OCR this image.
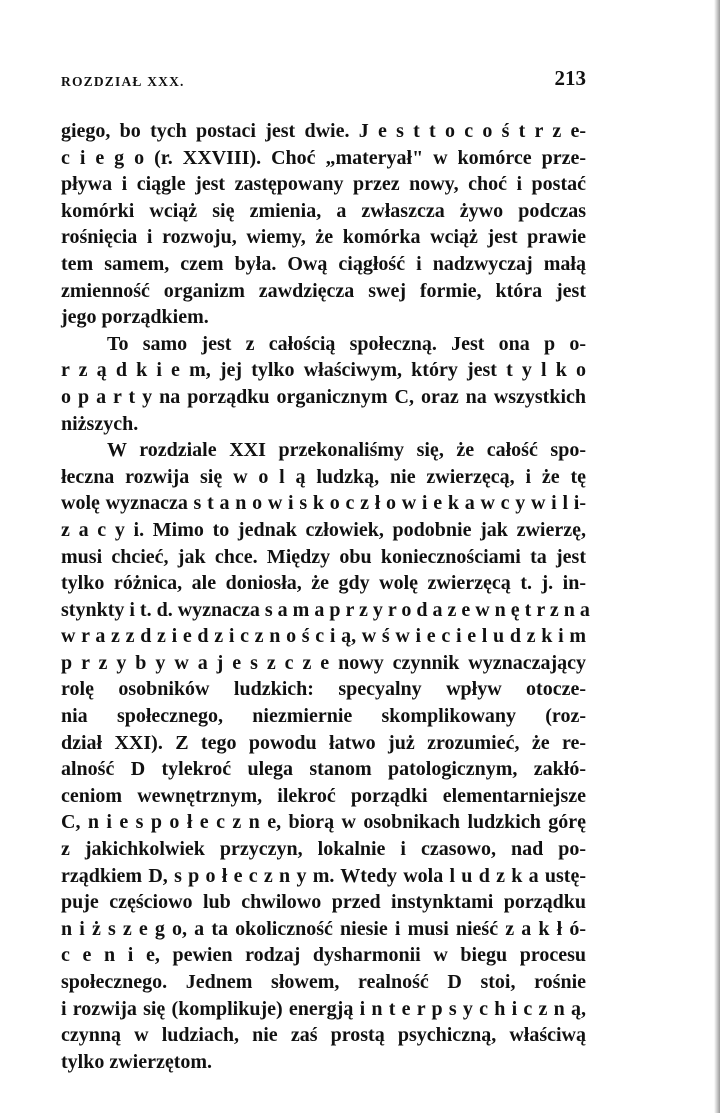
ROZDZIAŁ XXX.	213
giego, bo tych postaci jest dwie. J e s t t o c o ś t r z e-
c i e g o (r. XXVIII). Choć „materyał" w komórce prze-
pływa i ciągle jest zastępowany przez nowy, choć i postać
komórki wciąż się zmienia, a zwłaszcza żywo podczas
rośnięcia i rozwoju, wiemy, że komórka wciąż jest prawie
tem samem, czem była. Ową ciągłość i nadzwyczaj małą
zmienność organizm zawdzięcza swej formie, która jest
jego porządkiem.
To samo jest z całością społeczną. Jest ona p o-
r z ą d k i e m, jej tylko właściwym, który jest t y l k o
o p a r t y na porządku organicznym C, oraz na wszystkich
niższych.
W rozdziale XXI przekonaliśmy się, że całość spo-
łeczna rozwija się w o l ą ludzką, nie zwierzęcą, i że tę
wolę wyznacza s t a n o w i s k o c z ł o w i e k a w c y w i l i-
z a c y i. Mimo to jednak człowiek, podobnie jak zwierzę,
musi chcieć, jak chce. Między obu koniecznościami ta jest
tylko różnica, ale doniosła, że gdy wolę zwierzęcą t. j. in-
stynkty i t. d. wyznacza s a m a p r z y r o d a z e w n ę t r z n a
w r a z z d z i e d z i c z n o ś c i ą, w ś w i e c i e l u d z k i m
p r z y b y w a j e s z c z e nowy czynnik wyznaczający
rolę osobników ludzkich: specyalny wpływ otocze-
nia społecznego, niezmiernie skomplikowany (roz-
dział XXI). Z tego powodu łatwo już zrozumieć, że re-
alność D tylekroć ulega stanom patologicznym, zakłó-
ceniom wewnętrznym, ilekroć porządki elementarniejsze
C, n i e s p o ł e c z n e, biorą w osobnikach ludzkich górę
z jakichkolwiek przyczyn, lokalnie i czasowo, nad po-
rządkiem D, s p o ł e c z n y m. Wtedy wola l u d z k a ustę-
puje częściowo lub chwilowo przed instynktami porządku
n i ż s z e g o, a ta okoliczność niesie i musi nieść z a k ł ó-
c e n i e, pewien rodzaj dysharmonii w biegu procesu
społecznego. Jednem słowem, realność D stoi, rośnie
i rozwija się (komplikuje) energją i n t e r p s y c h i c z n ą,
czynną w ludziach, nie zaś prostą psychiczną, właściwą
tylko zwierzętom.
